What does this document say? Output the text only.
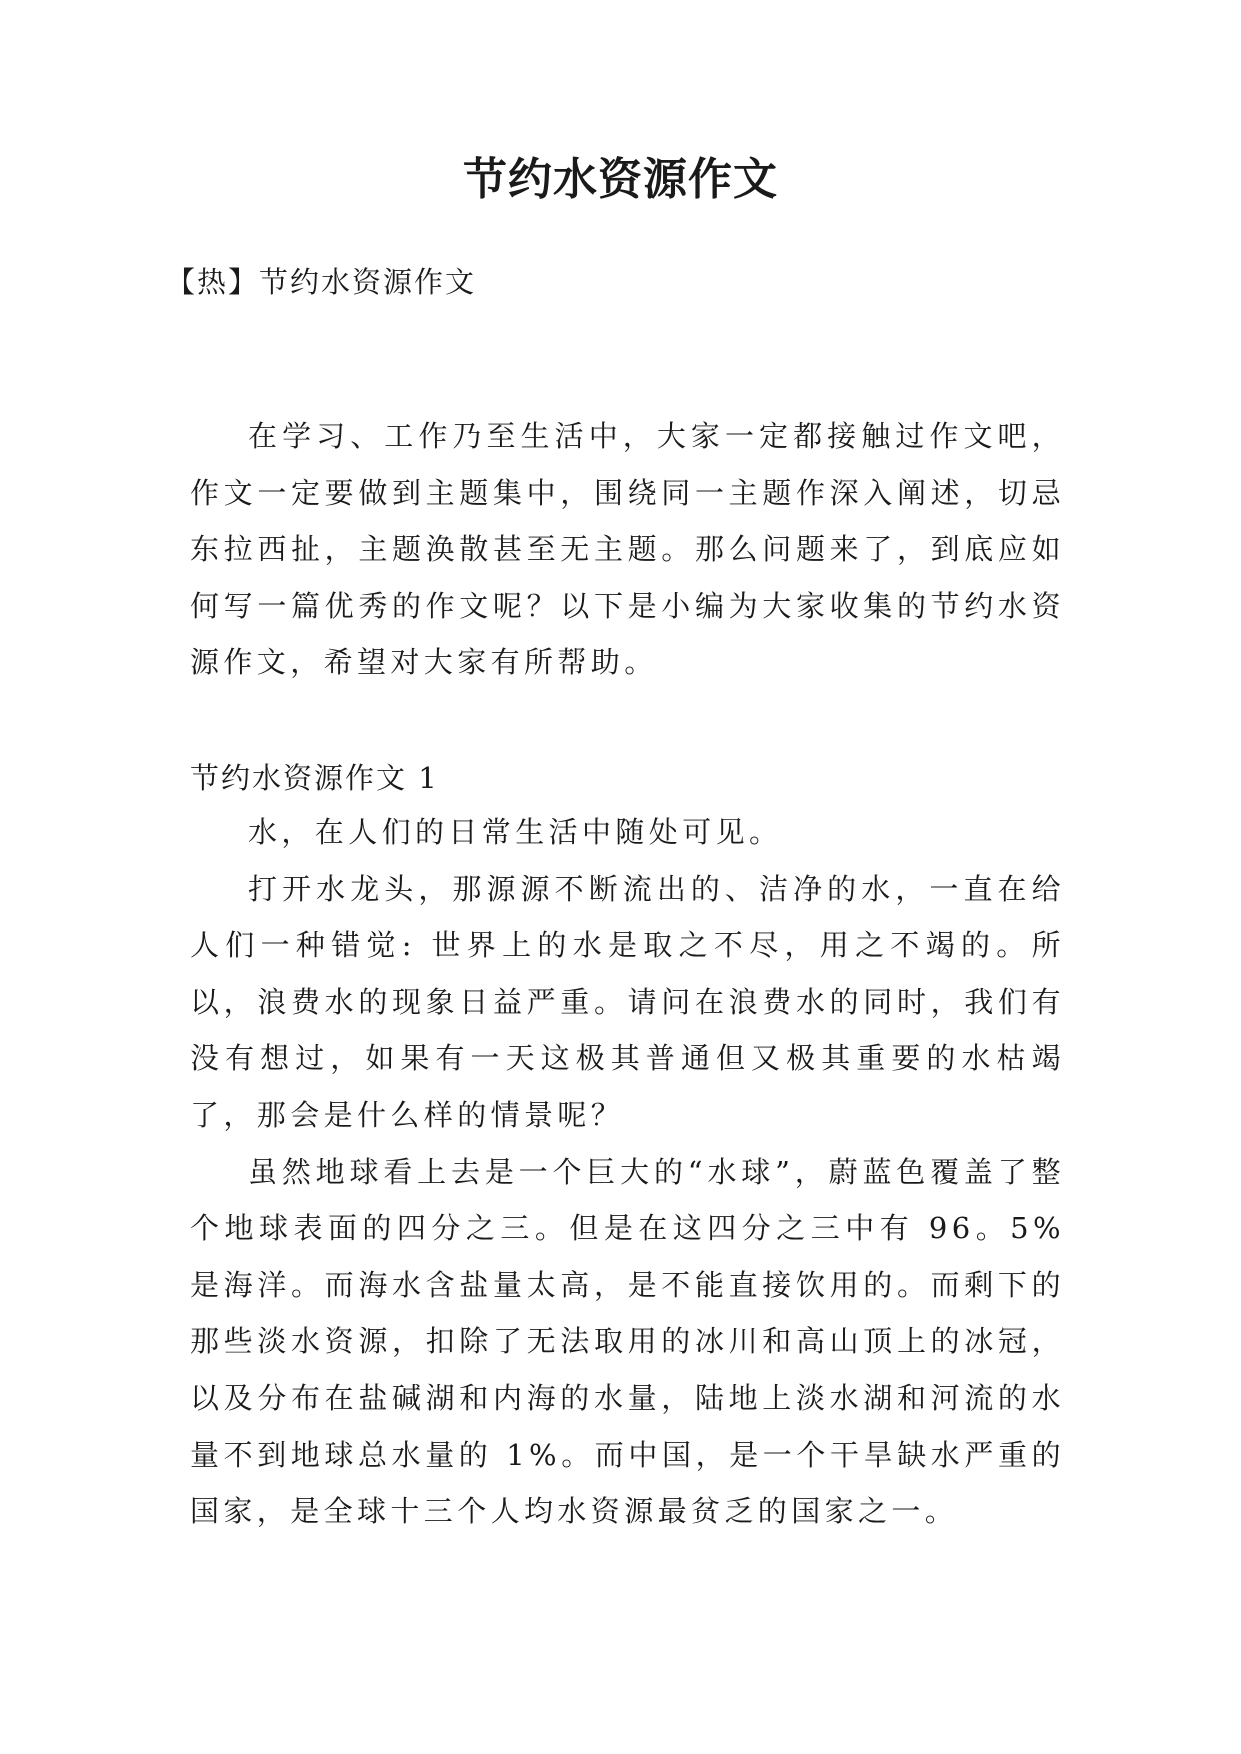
节约水资源作文
【热】节约水资源作文

在学习、工作乃至生活中，大家一定都接触过作文吧，作文一定要做到主题集中，围绕同一主题作深入阐述，切忌东拉西扯，主题涣散甚至无主题。那么问题来了，到底应如何写一篇优秀的作文呢？以下是小编为大家收集的节约水资源作文，希望对大家有所帮助。

节约水资源作文 1

水，在人们的日常生活中随处可见。

打开水龙头，那源源不断流出的、洁净的水，一直在给人们一种错觉: 世界上的水是取之不尽，用之不竭的。所以，浪费水的现象日益严重。请问在浪费水的同时，我们有没有想过，如果有一天这极其普通但又极其重要的水枯竭了，那会是什么样的情景呢？

虽然地球看上去是一个巨大的“水球”，蔚蓝色覆盖了整个地球表面的四分之三。但是在这四分之三中有 96。5%是海洋。而海水含盐量太高，是不能直接饮用的。而剩下的那些淡水资源，扣除了无法取用的冰川和高山顶上的冰冠，以及分布在盐碱湖和内海的水量，陆地上淡水湖和河流的水量不到地球总水量的 1%。而中国，是一个干旱缺水严重的国家，是全球十三个人均水资源最贫乏的国家之一。
